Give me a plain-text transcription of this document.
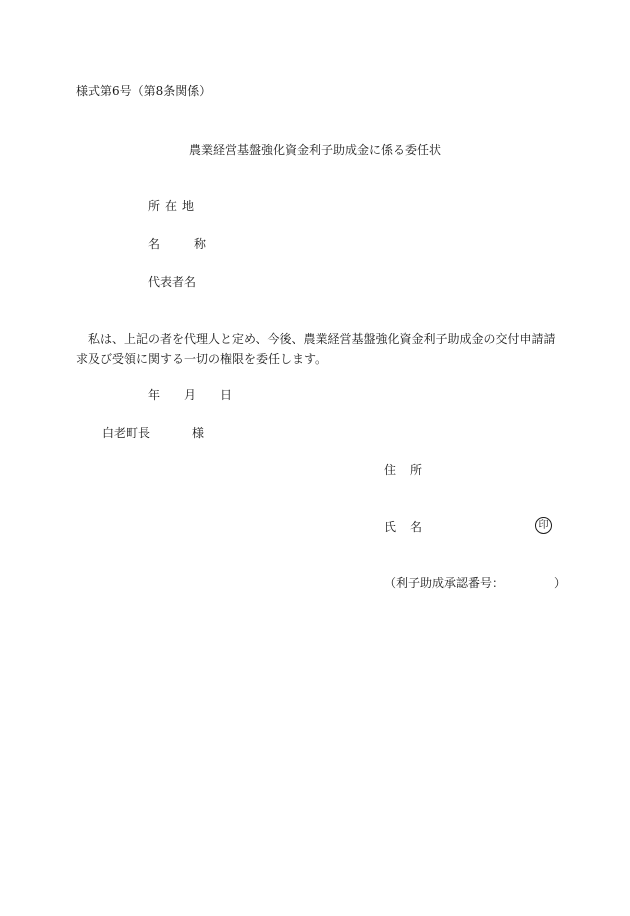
様式第6号（第8条関係）
農業経営基盤強化資金利子助成金に係る委任状
所在地
名	称
代表者名
私は、上記の者を代理人と定め、今後、農業経営基盤強化資金利子助成金の交付申請請求及び受領に関する一切の権限を委任します。
年 月 日
白老町長	様
住 所
氏 名	印
（利子助成承認番号：	）
